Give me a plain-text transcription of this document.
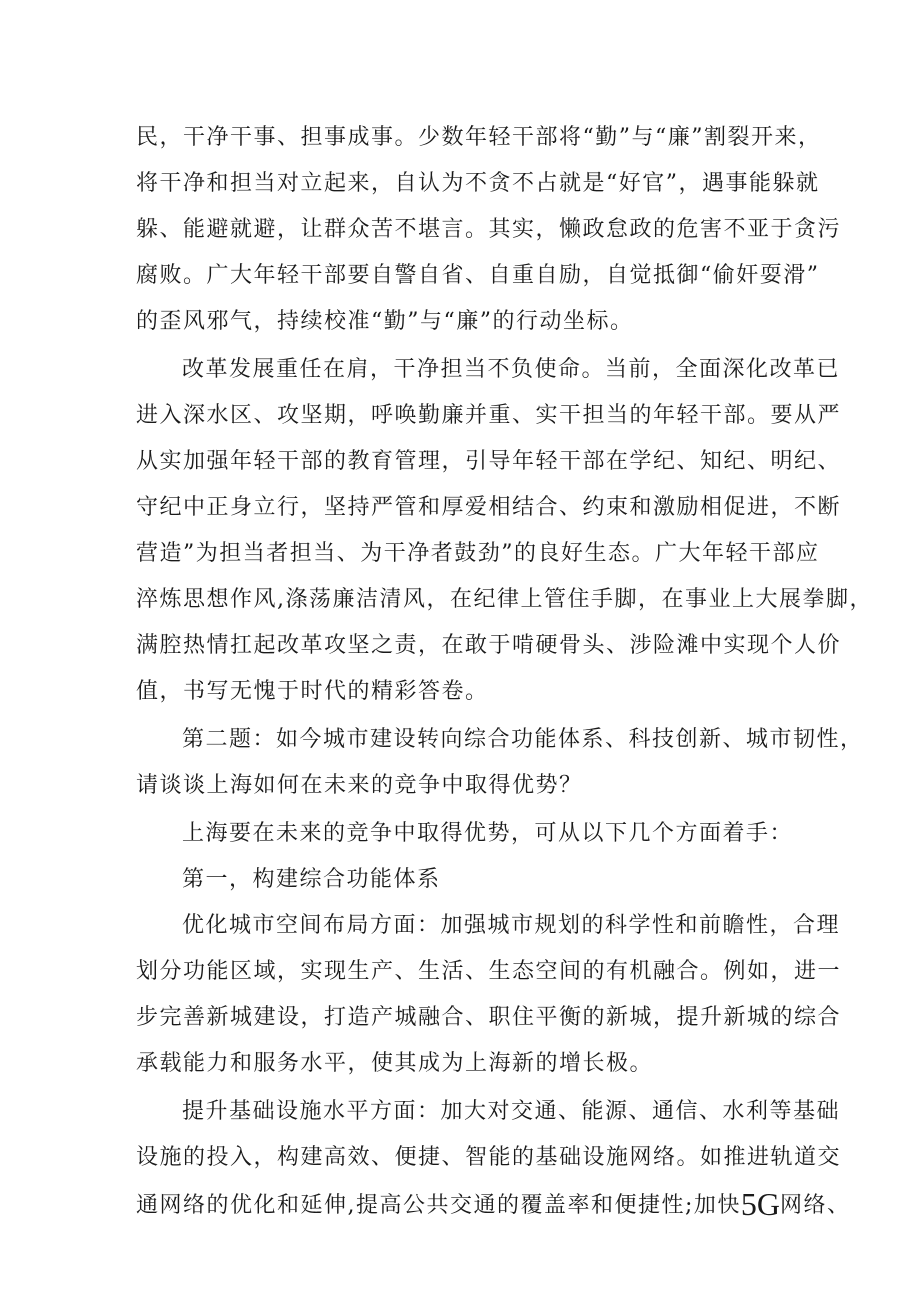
民，干净干事、担事成事。少数年轻干部将“勤”与“廉”割裂开来，
将干净和担当对立起来，自认为不贪不占就是“好官”，遇事能躲就
躲、能避就避，让群众苦不堪言。其实，懒政怠政的危害不亚于贪污
腐败。广大年轻干部要自警自省、自重自励，自觉抵御“偷奸耍滑”
的歪风邪气，持续校准“勤”与“廉”的行动坐标。
改革发展重任在肩，干净担当不负使命。当前，全面深化改革已
进入深水区、攻坚期，呼唤勤廉并重、实干担当的年轻干部。要从严
从实加强年轻干部的教育管理，引导年轻干部在学纪、知纪、明纪、
守纪中正身立行，坚持严管和厚爱相结合、约束和激励相促进，不断
营造”为担当者担当、为干净者鼓劲”的良好生态。广大年轻干部应
淬炼思想作风,涤荡廉洁清风，在纪律上管住手脚，在事业上大展拳脚，
满腔热情扛起改革攻坚之责，在敢于啃硬骨头、涉险滩中实现个人价
值，书写无愧于时代的精彩答卷。
第二题：如今城市建设转向综合功能体系、科技创新、城市韧性，
请谈谈上海如何在未来的竞争中取得优势？
上海要在未来的竞争中取得优势，可从以下几个方面着手：
第一，构建综合功能体系
优化城市空间布局方面：加强城市规划的科学性和前瞻性，合理
划分功能区域，实现生产、生活、生态空间的有机融合。例如，进一
步完善新城建设，打造产城融合、职住平衡的新城，提升新城的综合
承载能力和服务水平，使其成为上海新的增长极。
提升基础设施水平方面：加大对交通、能源、通信、水利等基础
设施的投入，构建高效、便捷、智能的基础设施网络。如推进轨道交
通网络的优化和延伸,提高公共交通的覆盖率和便捷性;加快5G网络、
